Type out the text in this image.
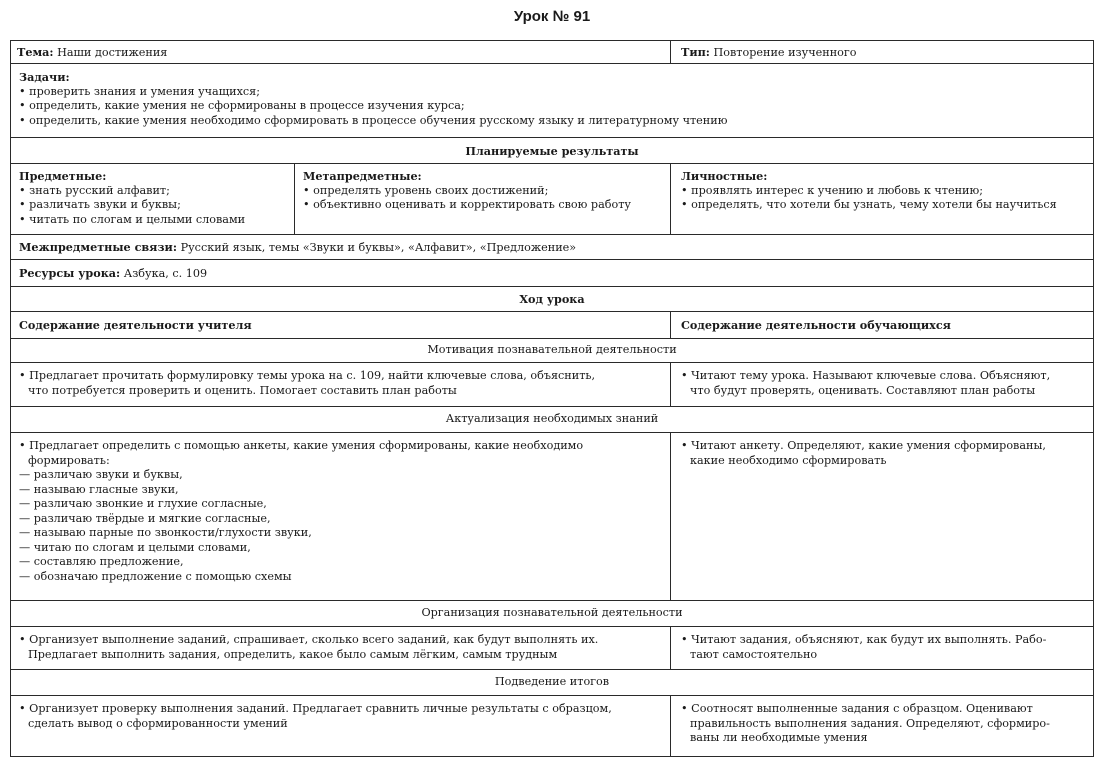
Урок № 91
Тема: Наши достижения	Тип: Повторение изученного
Задачи:
• проверить знания и умения учащихся;
• определить, какие умения не сформированы в процессе изучения курса;
• определить, какие умения необходимо сформировать в процессе обучения русскому языку и литературному чтению
Планируемые результаты
Предметные:
• знать русский алфавит;
• различать звуки и буквы;
• читать по слогам и целыми словами
Метапредметные:
• определять уровень своих достижений;
• объективно оценивать и корректировать свою работу
Личностные:
• проявлять интерес к учению и любовь к чтению;
• определять, что хотели бы узнать, чему хотели бы научиться
Межпредметные связи: Русский язык, темы «Звуки и буквы», «Алфавит», «Предложение»
Ресурсы урока: Азбука, с. 109
Ход урока
Содержание деятельности учителя	Содержание деятельности обучающихся
Мотивация познавательной деятельности
• Предлагает прочитать формулировку темы урока на с. 109, найти ключевые слова, объяснить,
что потребуется проверить и оценить. Помогает составить план работы
• Читают тему урока. Называют ключевые слова. Объясняют,
что будут проверять, оценивать. Составляют план работы
Актуализация необходимых знаний
• Предлагает определить с помощью анкеты, какие умения сформированы, какие необходимо
формировать:
— различаю звуки и буквы,
— называю гласные звуки,
— различаю звонкие и глухие согласные,
— различаю твёрдые и мягкие согласные,
— называю парные по звонкости/глухости звуки,
— читаю по слогам и целыми словами,
— составляю предложение,
— обозначаю предложение с помощью схемы
• Читают анкету. Определяют, какие умения сформированы,
какие необходимо сформировать
Организация познавательной деятельности
• Организует выполнение заданий, спрашивает, сколько всего заданий, как будут выполнять их.
Предлагает выполнить задания, определить, какое было самым лёгким, самым трудным
• Читают задания, объясняют, как будут их выполнять. Рабо-
тают самостоятельно
Подведение итогов
• Организует проверку выполнения заданий. Предлагает сравнить личные результаты с образцом,
сделать вывод о сформированности умений
• Соотносят выполненные задания с образцом. Оценивают
правильность выполнения задания. Определяют, сформиро-
ваны ли необходимые умения
